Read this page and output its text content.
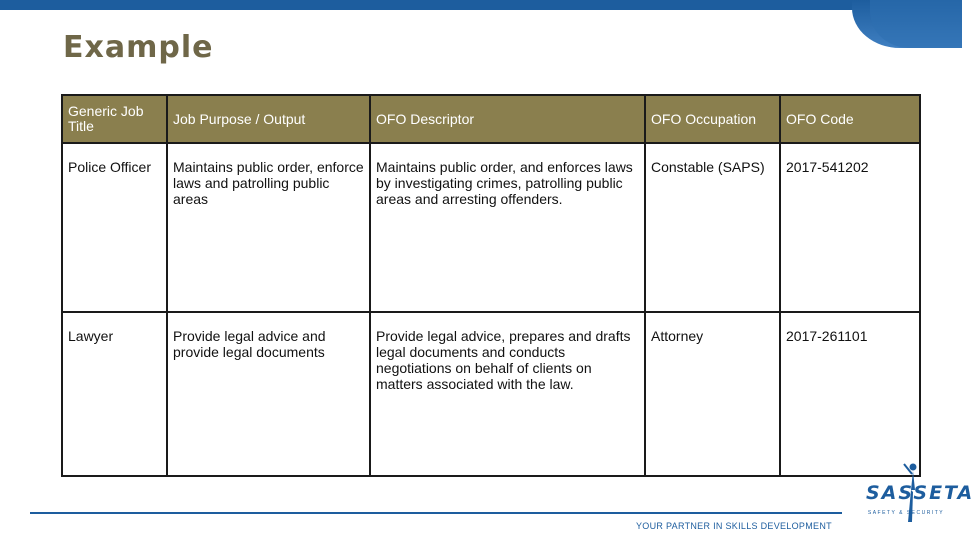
Example
Generic Job Title	Job Purpose / Output	OFO Descriptor	OFO Occupation	OFO Code
Police Officer	Maintains public order, enforce laws and patrolling public areas	Maintains public order, and enforces laws by investigating crimes, patrolling public areas and arresting offenders.	Constable (SAPS)	2017-541202
Lawyer	Provide legal advice and provide legal documents	Provide legal advice, prepares and drafts legal documents and conducts negotiations on behalf of clients on matters associated with the law.	Attorney	2017-261101
YOUR PARTNER IN SKILLS DEVELOPMENT
SASSETA
SAFETY & SECURITY
